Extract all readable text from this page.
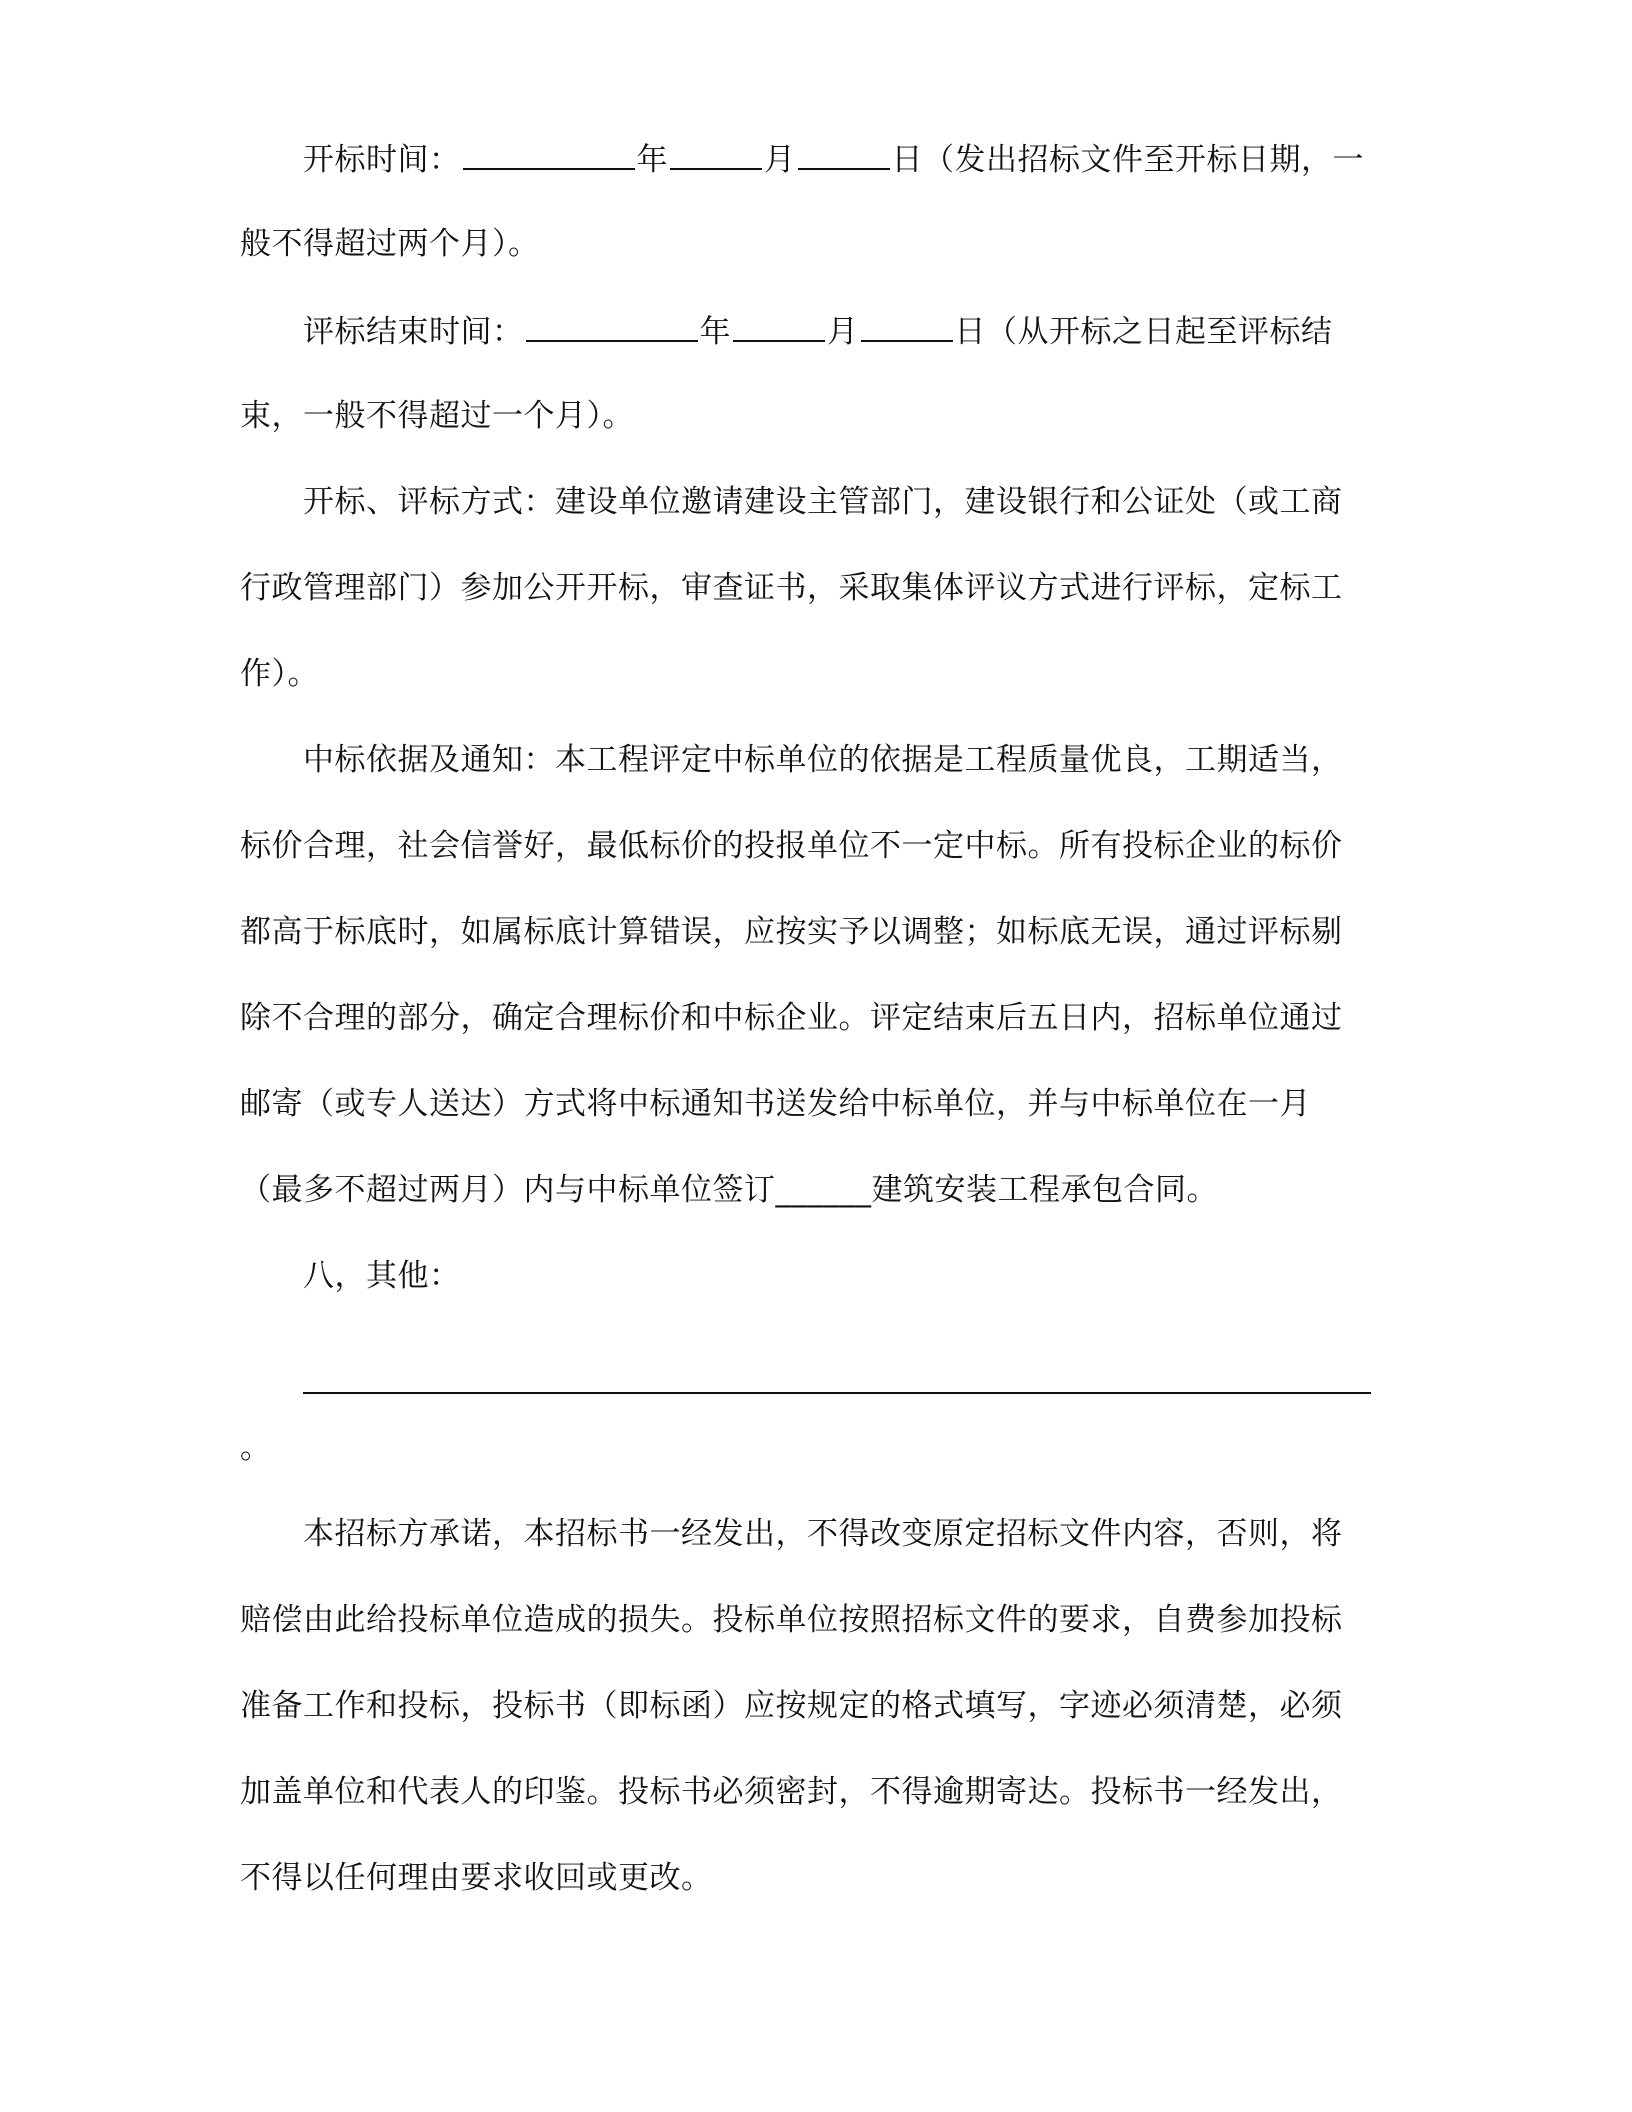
开标时间：	年	月	日（发出招标文件至开标日期，一
般不得超过两个月）。
评标结束时间：	年	月	日（从开标之日起至评标结
束，一般不得超过一个月）。
开标、评标方式：建设单位邀请建设主管部门，建设银行和公证处（或工商
行政管理部门）参加公开开标，审查证书，采取集体评议方式进行评标，定标工
作）。
中标依据及通知：本工程评定中标单位的依据是工程质量优良，工期适当，
标价合理，社会信誉好，最低标价的投报单位不一定中标。所有投标企业的标价
都高于标底时，如属标底计算错误，应按实予以调整；如标底无误，通过评标剔
除不合理的部分，确定合理标价和中标企业。评定结束后五日内，招标单位通过
邮寄（或专人送达）方式将中标通知书送发给中标单位，并与中标单位在一月
（最多不超过两月）内与中标单位签订______建筑安装工程承包合同。
八，其他：
。
本招标方承诺，本招标书一经发出，不得改变原定招标文件内容，否则，将
赔偿由此给投标单位造成的损失。投标单位按照招标文件的要求，自费参加投标
准备工作和投标，投标书（即标函）应按规定的格式填写，字迹必须清楚，必须
加盖单位和代表人的印鉴。投标书必须密封，不得逾期寄达。投标书一经发出，
不得以任何理由要求收回或更改。
